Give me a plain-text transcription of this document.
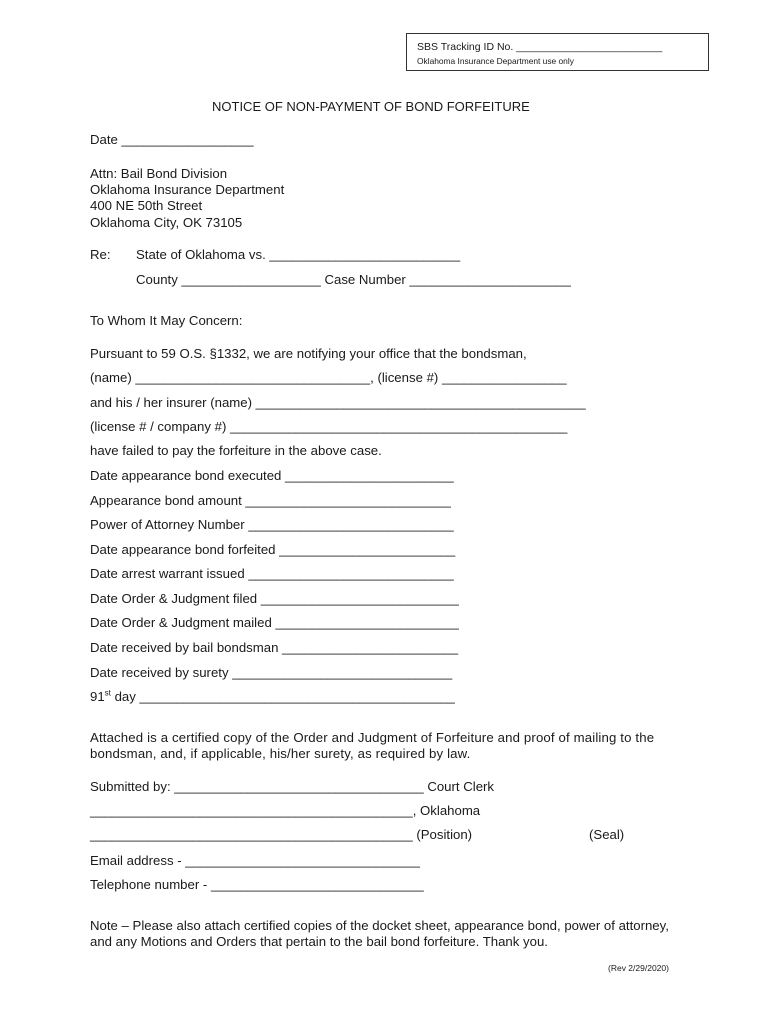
SBS Tracking ID No. _________________________
Oklahoma Insurance Department use only
NOTICE OF NON-PAYMENT OF BOND FORFEITURE
Date __________________
Attn: Bail Bond Division
Oklahoma Insurance Department
400 NE 50th Street
Oklahoma City, OK 73105
Re: State of Oklahoma vs. __________________________
County ___________________ Case Number ______________________
To Whom It May Concern:
Pursuant to 59 O.S. §1332, we are notifying your office that the bondsman,
(name) ________________________________, (license #) _________________
and his / her insurer (name) _____________________________________________
(license # / company #) ______________________________________________
have failed to pay the forfeiture in the above case.
Date appearance bond executed _______________________
Appearance bond amount ____________________________
Power of Attorney Number ____________________________
Date appearance bond forfeited ________________________
Date arrest warrant issued ____________________________
Date Order & Judgment filed ___________________________
Date Order & Judgment mailed _________________________
Date received by bail bondsman ________________________
Date received by surety ______________________________
91st day ___________________________________________
Attached is a certified copy of the Order and Judgment of Forfeiture and proof of mailing to the
bondsman, and, if applicable, his/her surety, as required by law.
Submitted by: __________________________________ Court Clerk
____________________________________________, Oklahoma
____________________________________________ (Position)	(Seal)
Email address - ________________________________
Telephone number - _____________________________
Note – Please also attach certified copies of the docket sheet, appearance bond, power of attorney,
and any Motions and Orders that pertain to the bail bond forfeiture. Thank you.
(Rev 2/29/2020)
